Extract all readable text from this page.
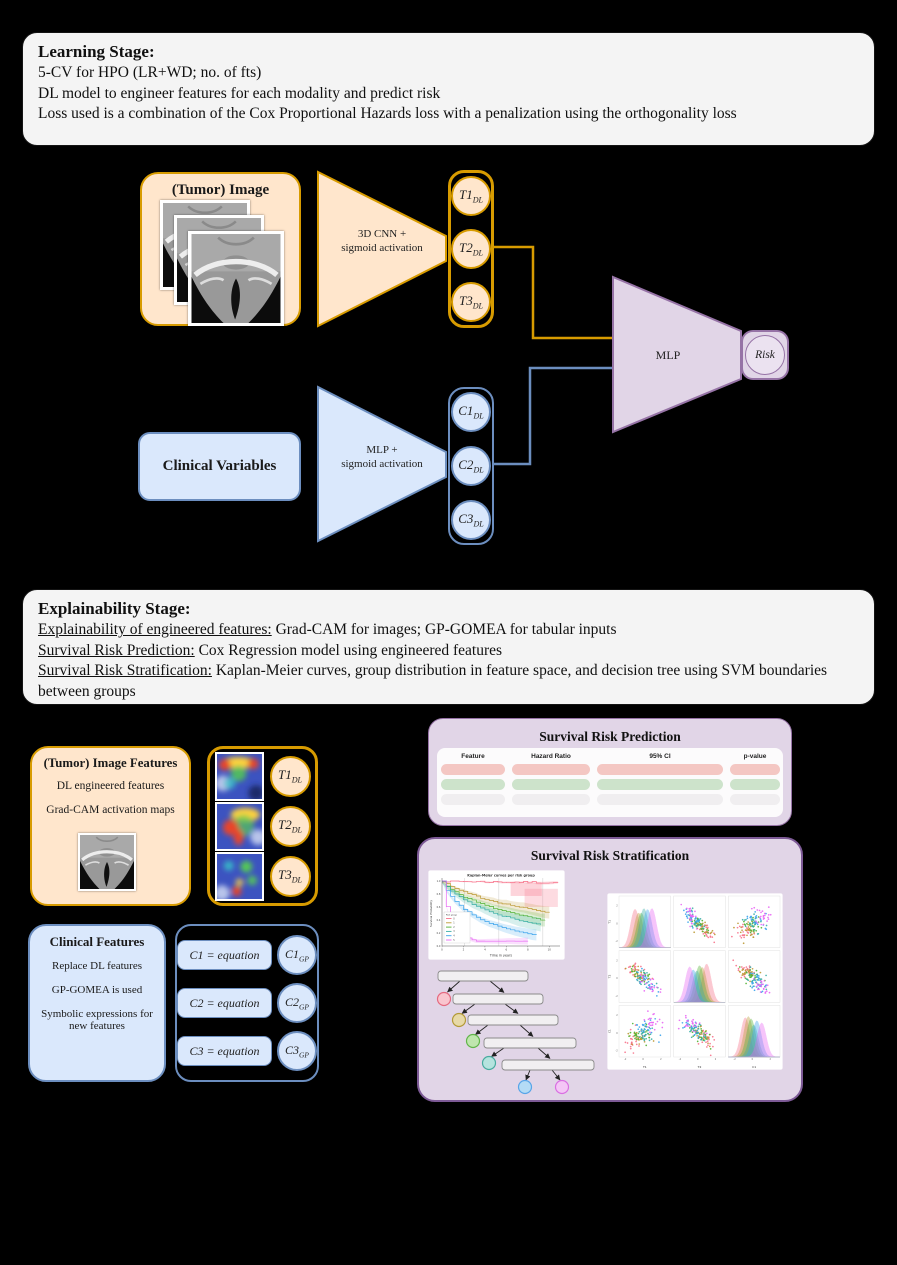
Learning Stage:
5-CV for HPO (LR+WD; no. of fts)
DL model to engineer features for each modality and predict risk
Loss used is a combination of the Cox Proportional Hazards loss with a penalization using the orthogonality loss
(Tumor) Image
3D CNN +
sigmoid activation
$T1_{DL}$
$T2_{DL}$
$T3_{DL}$
Clinical Variables
MLP +
sigmoid activation
$C1_{DL}$
$C2_{DL}$
$C3_{DL}$
MLP	Risk
Explainability Stage:
Explainability of engineered features: Grad-CAM for images; GP-GOMEA for tabular inputs
Survival Risk Prediction: Cox Regression model using engineered features
Survival Risk Stratification: Kaplan-Meier curves, group distribution in feature space, and decision tree using SVM boundaries between groups
(Tumor) Image Features
DL engineered features
Grad-CAM activation maps
$T1_{DL}$
$T2_{DL}$
$T3_{DL}$
Clinical Features
Replace DL features
GP-GOMEA is used
Symbolic expressions for new features
C1 = equation	$C1_{GP}$
C2 = equation	$C2_{GP}$
C3 = equation	$C3_{GP}$
Survival Risk Prediction
Feature	Hazard Ratio	95% CI	p-value
Survival Risk Stratification
0	2	4	6	8	10
0.0
0.2
0.4
0.6
0.8
1.0
Kaplan-Meier curves per risk group
Time in years
Survival Probability	Risk group
0
1
2
3
4
5	-2
0
2
T1
-2
0
2
T2
-2	0	2
T1
-2
0
2
C1
-2	0	2
T2
-2	0	2
C1
